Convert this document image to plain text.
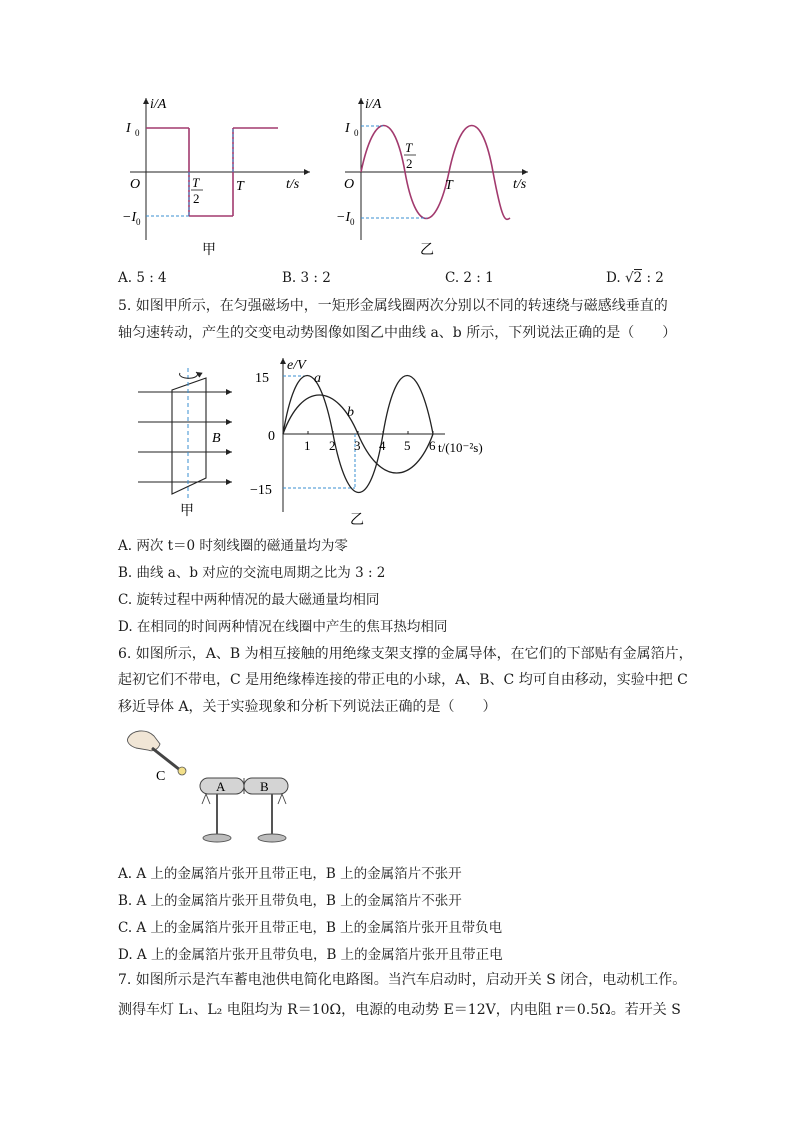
i/A
I 0
−I 0
O	t/s
T
T
2
甲
i/A
I 0
−I 0
O	t/s
T
T
2
乙
A. 5 : 4	B. 3 : 2	C. 2 : 1	D. √2 : 2
5. 如图甲所示，在匀强磁场中，一矩形金属线圈两次分别以不同的转速绕与磁感线垂直的
轴匀速转动，产生的交变电动势图像如图乙中曲线 a、b 所示，下列说法正确的是（　　）
B
甲
15
−15
0
e/V
a
b
t/(10⁻²s)
1 2 3 4 5 6
乙
A. 两次 t＝0 时刻线圈的磁通量均为零
B. 曲线 a、b 对应的交流电周期之比为 3 : 2
C. 旋转过程中两种情况的最大磁通量均相同
D. 在相同的时间两种情况在线圈中产生的焦耳热均相同
6. 如图所示，A、B 为相互接触的用绝缘支架支撑的金属导体，在它们的下部贴有金属箔片，
起初它们不带电，C 是用绝缘棒连接的带正电的小球，A、B、C 均可自由移动，实验中把 C
移近导体 A，关于实验现象和分析下列说法正确的是（　　）
C
A	B
A. A 上的金属箔片张开且带正电，B 上的金属箔片不张开
B. A 上的金属箔片张开且带负电，B 上的金属箔片不张开
C. A 上的金属箔片张开且带正电，B 上的金属箔片张开且带负电
D. A 上的金属箔片张开且带负电，B 上的金属箔片张开且带正电
7. 如图所示是汽车蓄电池供电简化电路图。当汽车启动时，启动开关 S 闭合，电动机工作。
测得车灯 L₁、L₂ 电阻均为 R＝10Ω，电源的电动势 E＝12V，内电阻 r＝0.5Ω。若开关 S
